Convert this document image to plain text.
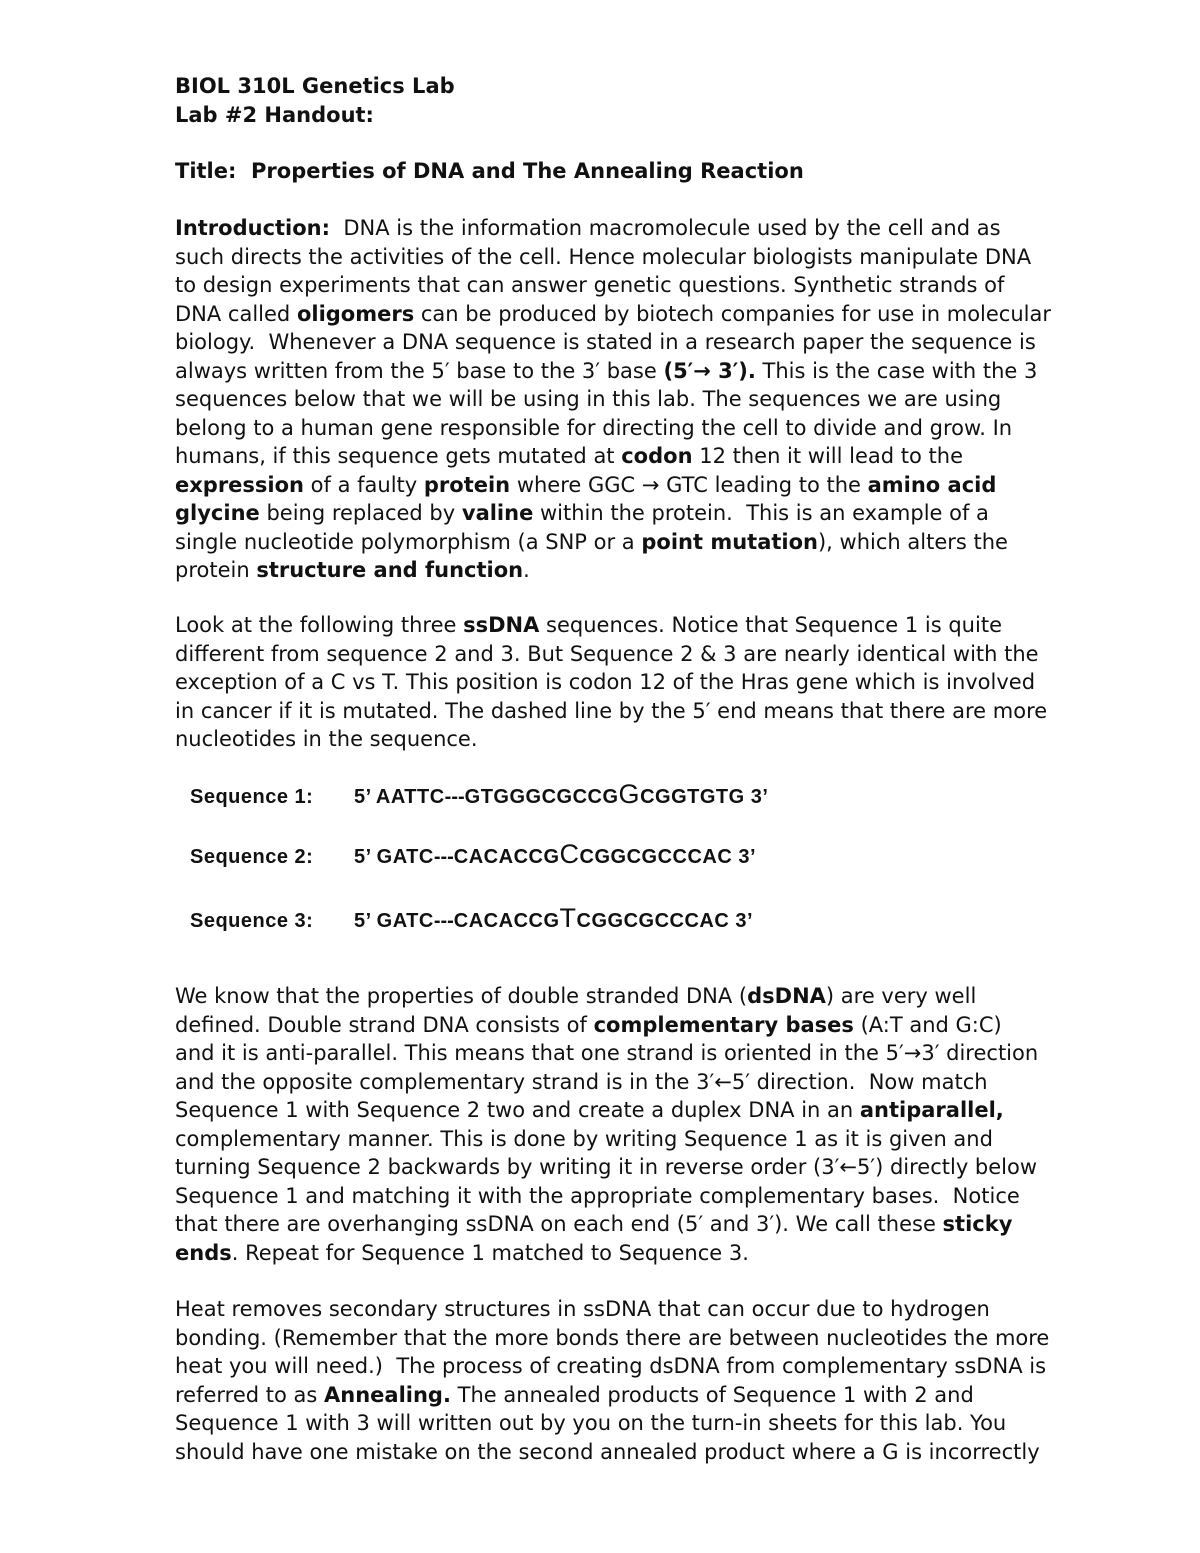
BIOL 310L Genetics Lab
Lab #2 Handout:
Title: Properties of DNA and The Annealing Reaction
Introduction:  DNA is the information macromolecule used by the cell and as
such directs the activities of the cell. Hence molecular biologists manipulate DNA
to design experiments that can answer genetic questions. Synthetic strands of
DNA called oligomers can be produced by biotech companies for use in molecular
biology.  Whenever a DNA sequence is stated in a research paper the sequence is
always written from the 5′ base to the 3′ base (5′→ 3′). This is the case with the 3
sequences below that we will be using in this lab. The sequences we are using
belong to a human gene responsible for directing the cell to divide and grow. In
humans, if this sequence gets mutated at codon 12 then it will lead to the
expression of a faulty protein where GGC → GTC leading to the amino acid
glycine being replaced by valine within the protein.  This is an example of a
single nucleotide polymorphism (a SNP or a point mutation), which alters the
protein structure and function.
Look at the following three ssDNA sequences. Notice that Sequence 1 is quite
different from sequence 2 and 3. But Sequence 2 & 3 are nearly identical with the
exception of a C vs T. This position is codon 12 of the Hras gene which is involved
in cancer if it is mutated. The dashed line by the 5′ end means that there are more
nucleotides in the sequence.
Sequence 1: 5’ AATTC---GTGGGCGCCGGCGGTGTG 3’
Sequence 2: 5’ GATC---CACACCGCCGGCGCCCAC 3’
Sequence 3: 5’ GATC---CACACCGTCGGCGCCCAC 3’
We know that the properties of double stranded DNA (dsDNA) are very well
defined. Double strand DNA consists of complementary bases (A:T and G:C)
and it is anti-parallel. This means that one strand is oriented in the 5′→3′ direction
and the opposite complementary strand is in the 3′←5′ direction.  Now match
Sequence 1 with Sequence 2 two and create a duplex DNA in an antiparallel,
complementary manner. This is done by writing Sequence 1 as it is given and
turning Sequence 2 backwards by writing it in reverse order (3′←5′) directly below
Sequence 1 and matching it with the appropriate complementary bases.  Notice
that there are overhanging ssDNA on each end (5′ and 3′). We call these sticky
ends. Repeat for Sequence 1 matched to Sequence 3.
Heat removes secondary structures in ssDNA that can occur due to hydrogen
bonding. (Remember that the more bonds there are between nucleotides the more
heat you will need.)  The process of creating dsDNA from complementary ssDNA is
referred to as Annealing. The annealed products of Sequence 1 with 2 and
Sequence 1 with 3 will written out by you on the turn-in sheets for this lab. You
should have one mistake on the second annealed product where a G is incorrectly
